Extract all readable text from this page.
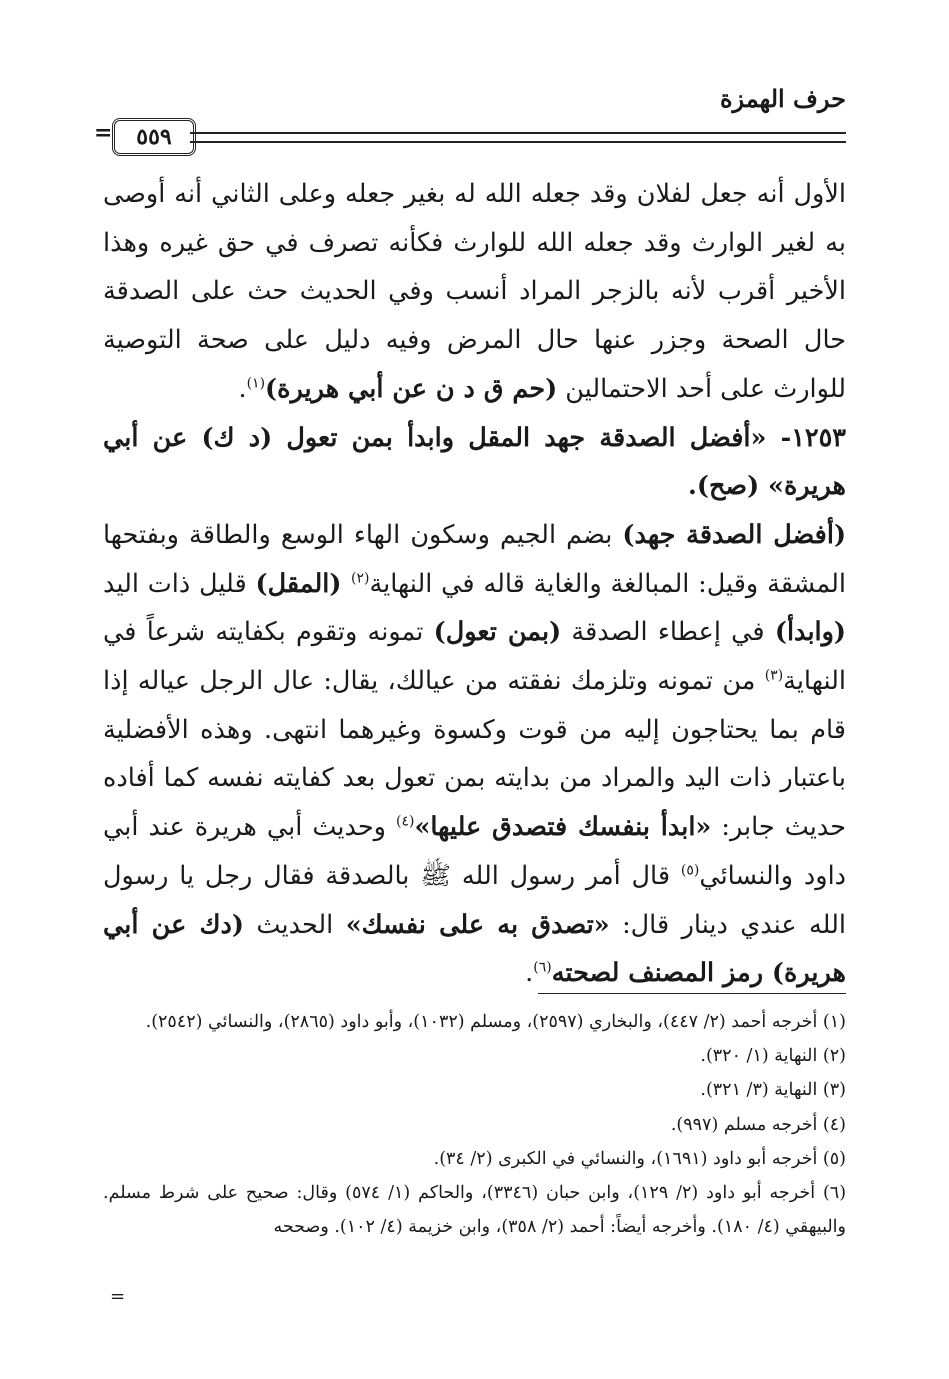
حرف الهمزة
٥٥٩
=

الأول أنه جعل لفلان وقد جعله الله له بغير جعله وعلى الثاني أنه أوصى به لغير الوارث وقد جعله الله للوارث فكأنه تصرف في حق غيره وهذا الأخير أقرب لأنه بالزجر المراد أنسب وفي الحديث حث على الصدقة حال الصحة وجزر عنها حال المرض وفيه دليل على صحة التوصية للوارث على أحد الاحتمالين (حم ق د ن عن أبي هريرة)$^{(١)}$.

١٢٥٣- «أفضل الصدقة جهد المقل وابدأ بمن تعول (د ك) عن أبي هريرة» (صح).

(أفضل الصدقة جهد) بضم الجيم وسكون الهاء الوسع والطاقة وبفتحها المشقة وقيل: المبالغة والغاية قاله في النهاية$^{(٢)}$ (المقل) قليل ذات اليد (وابدأ) في إعطاء الصدقة (بمن تعول) تمونه وتقوم بكفايته شرعاً في النهاية$^{(٣)}$ من تمونه وتلزمك نفقته من عيالك، يقال: عال الرجل عياله إذا قام بما يحتاجون إليه من قوت وكسوة وغيرهما انتهى. وهذه الأفضلية باعتبار ذات اليد والمراد من بدايته بمن تعول بعد كفايته نفسه كما أفاده حديث جابر: «ابدأ بنفسك فتصدق عليها»$^{(٤)}$ وحديث أبي هريرة عند أبي داود والنسائي$^{(٥)}$ قال أمر رسول الله ﷺ بالصدقة فقال رجل يا رسول الله عندي دينار قال: «تصدق به على نفسك» الحديث (دك عن أبي هريرة) رمز المصنف لصحته$^{(٦)}$.

(١) أخرجه أحمد (٢/ ٤٤٧)، والبخاري (٢٥٩٧)، ومسلم (١٠٣٢)، وأبو داود (٢٨٦٥)، والنسائي (٢٥٤٢).

(٢) النهاية (١/ ٣٢٠).

(٣) النهاية (٣/ ٣٢١).

(٤) أخرجه مسلم (٩٩٧).

(٥) أخرجه أبو داود (١٦٩١)، والنسائي في الكبرى (٢/ ٣٤).

(٦) أخرجه أبو داود (٢/ ١٢٩)، وابن حبان (٣٣٤٦)، والحاكم (١/ ٥٧٤) وقال: صحيح على شرط مسلم. والبيهقي (٤/ ١٨٠). وأخرجه أيضاً: أحمد (٢/ ٣٥٨)، وابن خزيمة (٤/ ١٠٢). وصححه

=
